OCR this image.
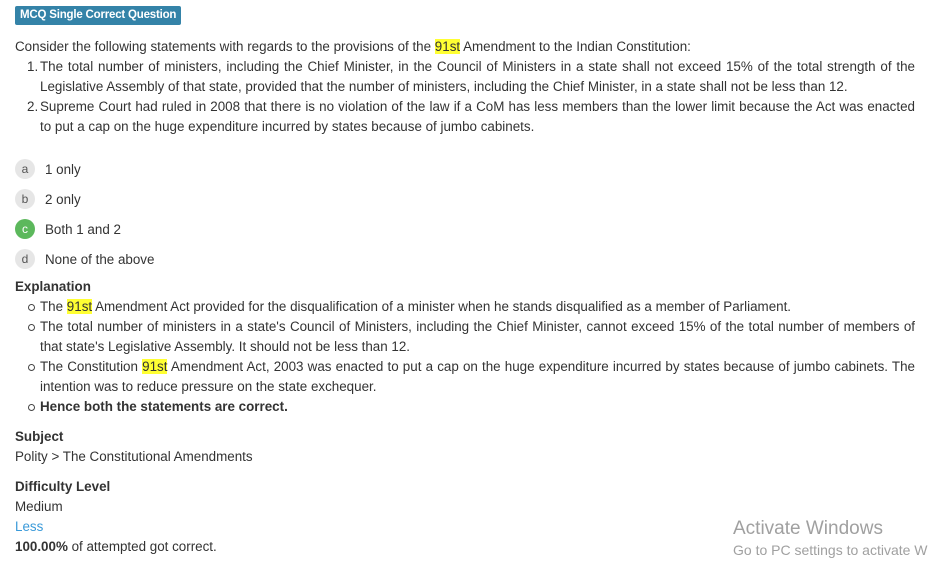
MCQ Single Correct Question
Consider the following statements with regards to the provisions of the 91st Amendment to the Indian Constitution:
1. The total number of ministers, including the Chief Minister, in the Council of Ministers in a state shall not exceed 15% of the total strength of the Legislative Assembly of that state, provided that the number of ministers, including the Chief Minister, in a state shall not be less than 12.
2. Supreme Court had ruled in 2008 that there is no violation of the law if a CoM has less members than the lower limit because the Act was enacted to put a cap on the huge expenditure incurred by states because of jumbo cabinets.
a	1 only
b	2 only
c	Both 1 and 2
d	None of the above
Explanation
The 91st Amendment Act provided for the disqualification of a minister when he stands disqualified as a member of Parliament.
The total number of ministers in a state's Council of Ministers, including the Chief Minister, cannot exceed 15% of the total number of members of that state's Legislative Assembly. It should not be less than 12.
The Constitution 91st Amendment Act, 2003 was enacted to put a cap on the huge expenditure incurred by states because of jumbo cabinets. The intention was to reduce pressure on the state exchequer.
Hence both the statements are correct.
Subject
Polity > The Constitutional Amendments
Difficulty Level
Medium
Less
100.00% of attempted got correct.
Activate Windows
Go to PC settings to activate W
